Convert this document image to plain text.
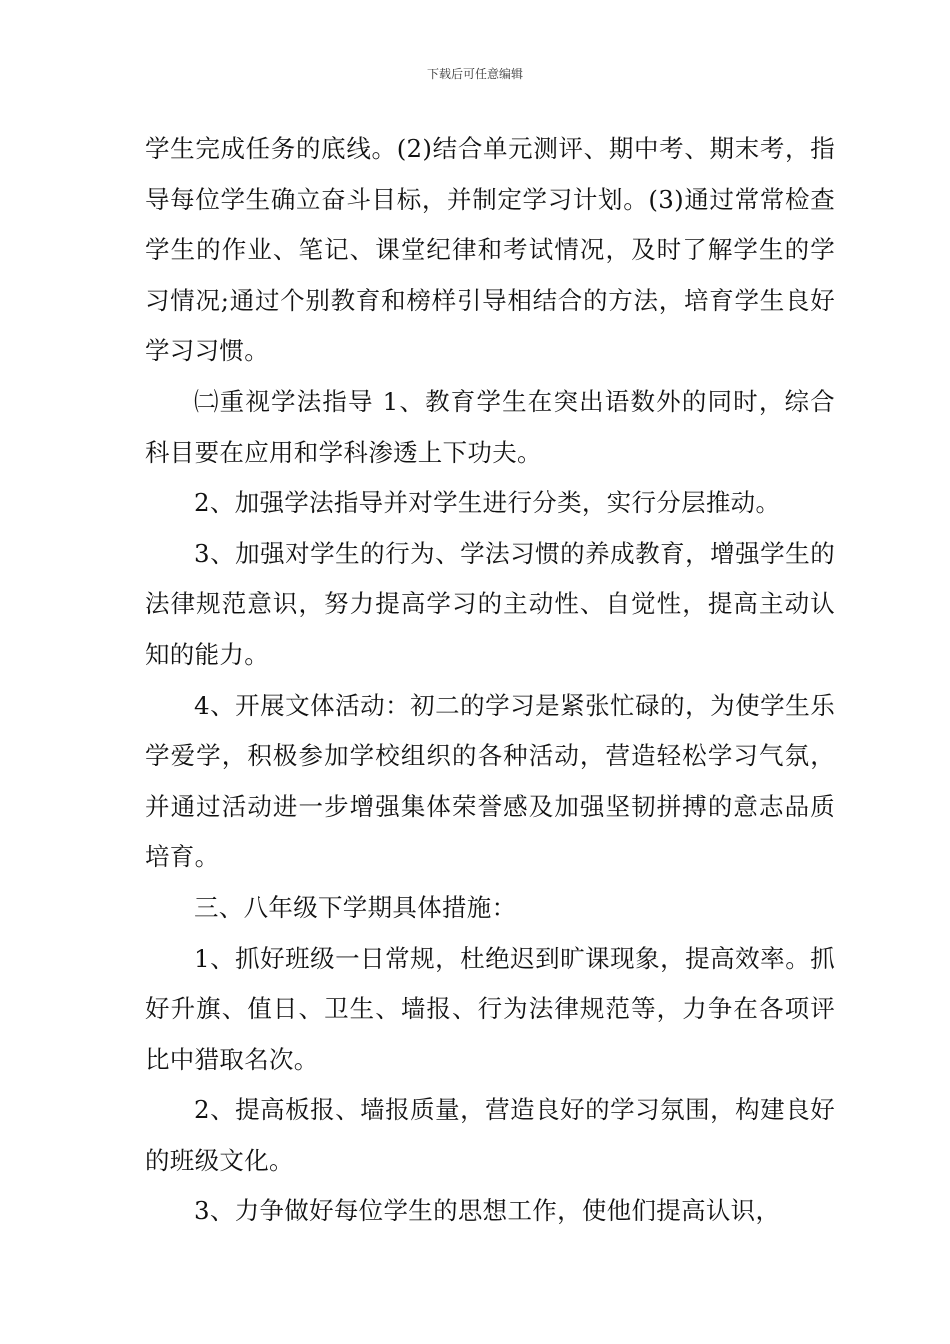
下载后可任意编辑

学生完成任务的底线。(2)结合单元测评、期中考、期末考，指导每位学生确立奋斗目标，并制定学习计划。(3)通过常常检查学生的作业、笔记、课堂纪律和考试情况，及时了解学生的学习情况;通过个别教育和榜样引导相结合的方法，培育学生良好学习习惯。

㈡重视学法指导 1、教育学生在突出语数外的同时，综合科目要在应用和学科渗透上下功夫。

2、加强学法指导并对学生进行分类，实行分层推动。

3、加强对学生的行为、学法习惯的养成教育，增强学生的法律规范意识，努力提高学习的主动性、自觉性，提高主动认知的能力。

4、开展文体活动：初二的学习是紧张忙碌的，为使学生乐学爱学，积极参加学校组织的各种活动，营造轻松学习气氛，并通过活动进一步增强集体荣誉感及加强坚韧拼搏的意志品质培育。

三、八年级下学期具体措施：

1、抓好班级一日常规，杜绝迟到旷课现象，提高效率。抓好升旗、值日、卫生、墙报、行为法律规范等，力争在各项评比中猎取名次。

2、提高板报、墙报质量，营造良好的学习氛围，构建良好的班级文化。

3、力争做好每位学生的思想工作，使他们提高认识，
